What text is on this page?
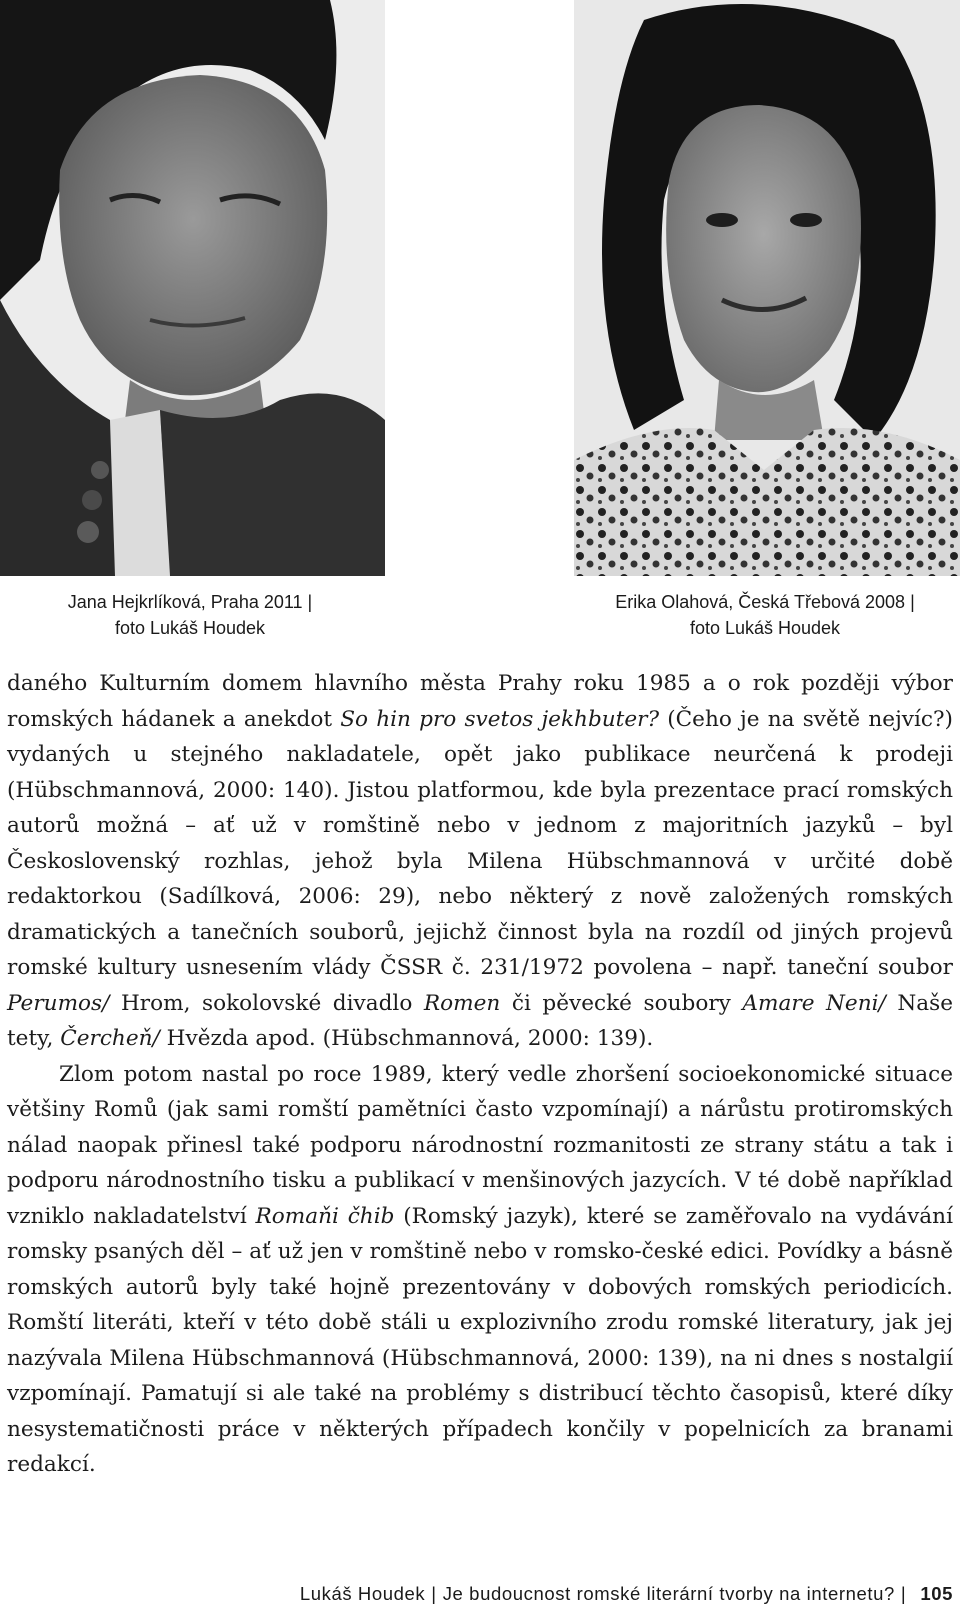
Jana Hejkrlíková, Praha 2011 |
foto Lukáš Houdek
Erika Olahová, Česká Třebová 2008 |
foto Lukáš Houdek

daného Kulturním domem hlavního města Prahy roku 1985 a o rok později výbor romských hádanek a anekdot So hin pro svetos jekhbuter? (Čeho je na světě nejvíc?) vydaných u stejného nakladatele, opět jako publikace neurčená k prodeji (Hübschmannová, 2000: 140). Jistou platformou, kde byla prezentace prací romských autorů možná – ať už v romštině nebo v jednom z majoritních jazyků – byl Československý rozhlas, jehož byla Milena Hübschmannová v určité době redaktorkou (Sadílková, 2006: 29), nebo některý z nově založených romských dramatických a tanečních souborů, jejichž činnost byla na rozdíl od jiných projevů romské kultury usnesením vlády ČSSR č. 231/1972 povolena – např. taneční soubor Perumos/ Hrom, sokolovské divadlo Romen či pěvecké soubory Amare Neni/ Naše tety, Čercheň/ Hvězda apod. (Hübschmannová, 2000: 139).

Zlom potom nastal po roce 1989, který vedle zhoršení socioekonomické situace většiny Romů (jak sami romští pamětníci často vzpomínají) a nárůstu protiromských nálad naopak přinesl také podporu národnostní rozmanitosti ze strany státu a tak i podporu národnostního tisku a publikací v menšinových jazycích. V té době například vzniklo nakladatelství Romaňi čhib (Romský jazyk), které se zaměřovalo na vydávání romsky psaných děl – ať už jen v romštině nebo v romsko-české edici. Povídky a básně romských autorů byly také hojně prezentovány v dobových romských periodicích. Romští literáti, kteří v této době stáli u explozivního zrodu romské literatury, jak jej nazývala Milena Hübschmannová (Hübschmannová, 2000: 139), na ni dnes s nostalgií vzpomínají. Pamatují si ale také na problémy s distribucí těchto časopisů, které díky nesystematičnosti práce v některých případech končily v popelnicích za branami redakcí.

Lukáš Houdek | Je budoucnost romské literární tvorby na internetu? | 105
